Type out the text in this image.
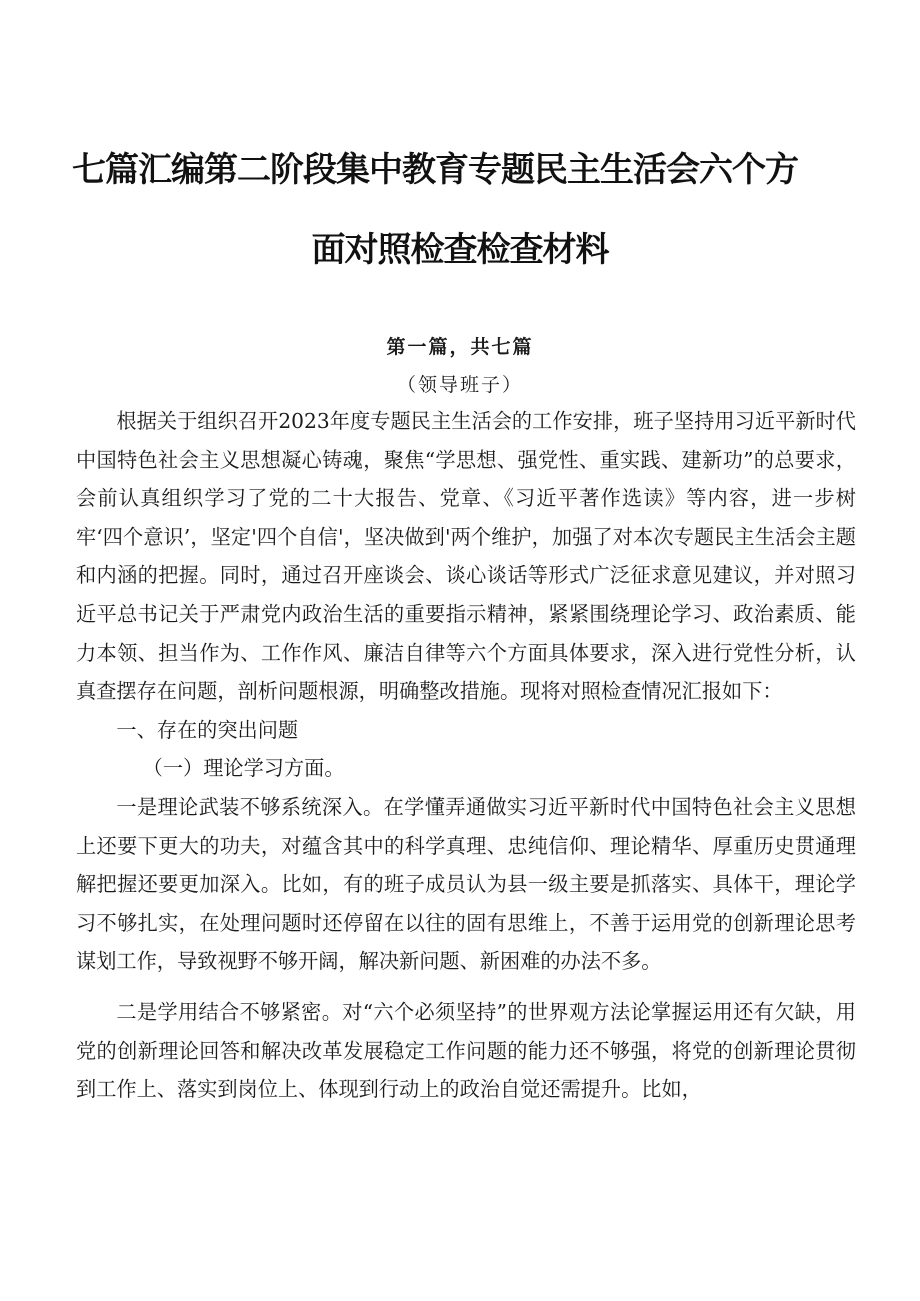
七篇汇编第二阶段集中教育专题民主生活会六个方
面对照检查检查材料
第一篇，共七篇
（领导班子）

根据关于组织召开2023年度专题民主生活会的工作安排，班子坚持用习近平新时代中国特色社会主义思想凝心铸魂，聚焦“学思想、强党性、重实践、建新功”的总要求，会前认真组织学习了党的二十大报告、党章、《习近平著作选读》等内容，进一步树牢‘四个意识’，坚定'四个自信'，坚决做到'两个维护，加强了对本次专题民主生活会主题和内涵的把握。同时，通过召开座谈会、谈心谈话等形式广泛征求意见建议，并对照习近平总书记关于严肃党内政治生活的重要指示精神，紧紧围绕理论学习、政治素质、能力本领、担当作为、工作作风、廉洁自律等六个方面具体要求，深入进行党性分析，认真查摆存在问题，剖析问题根源，明确整改措施。现将对照检查情况汇报如下：

一、存在的突出问题

（一）理论学习方面。

一是理论武装不够系统深入。在学懂弄通做实习近平新时代中国特色社会主义思想上还要下更大的功夫，对蕴含其中的科学真理、忠纯信仰、理论精华、厚重历史贯通理解把握还要更加深入。比如，有的班子成员认为县一级主要是抓落实、具体干，理论学习不够扎实，在处理问题时还停留在以往的固有思维上，不善于运用党的创新理论思考谋划工作，导致视野不够开阔，解决新问题、新困难的办法不多。

二是学用结合不够紧密。对“六个必须坚持”的世界观方法论掌握运用还有欠缺，用党的创新理论回答和解决改革发展稳定工作问题的能力还不够强，将党的创新理论贯彻到工作上、落实到岗位上、体现到行动上的政治自觉还需提升。比如，
